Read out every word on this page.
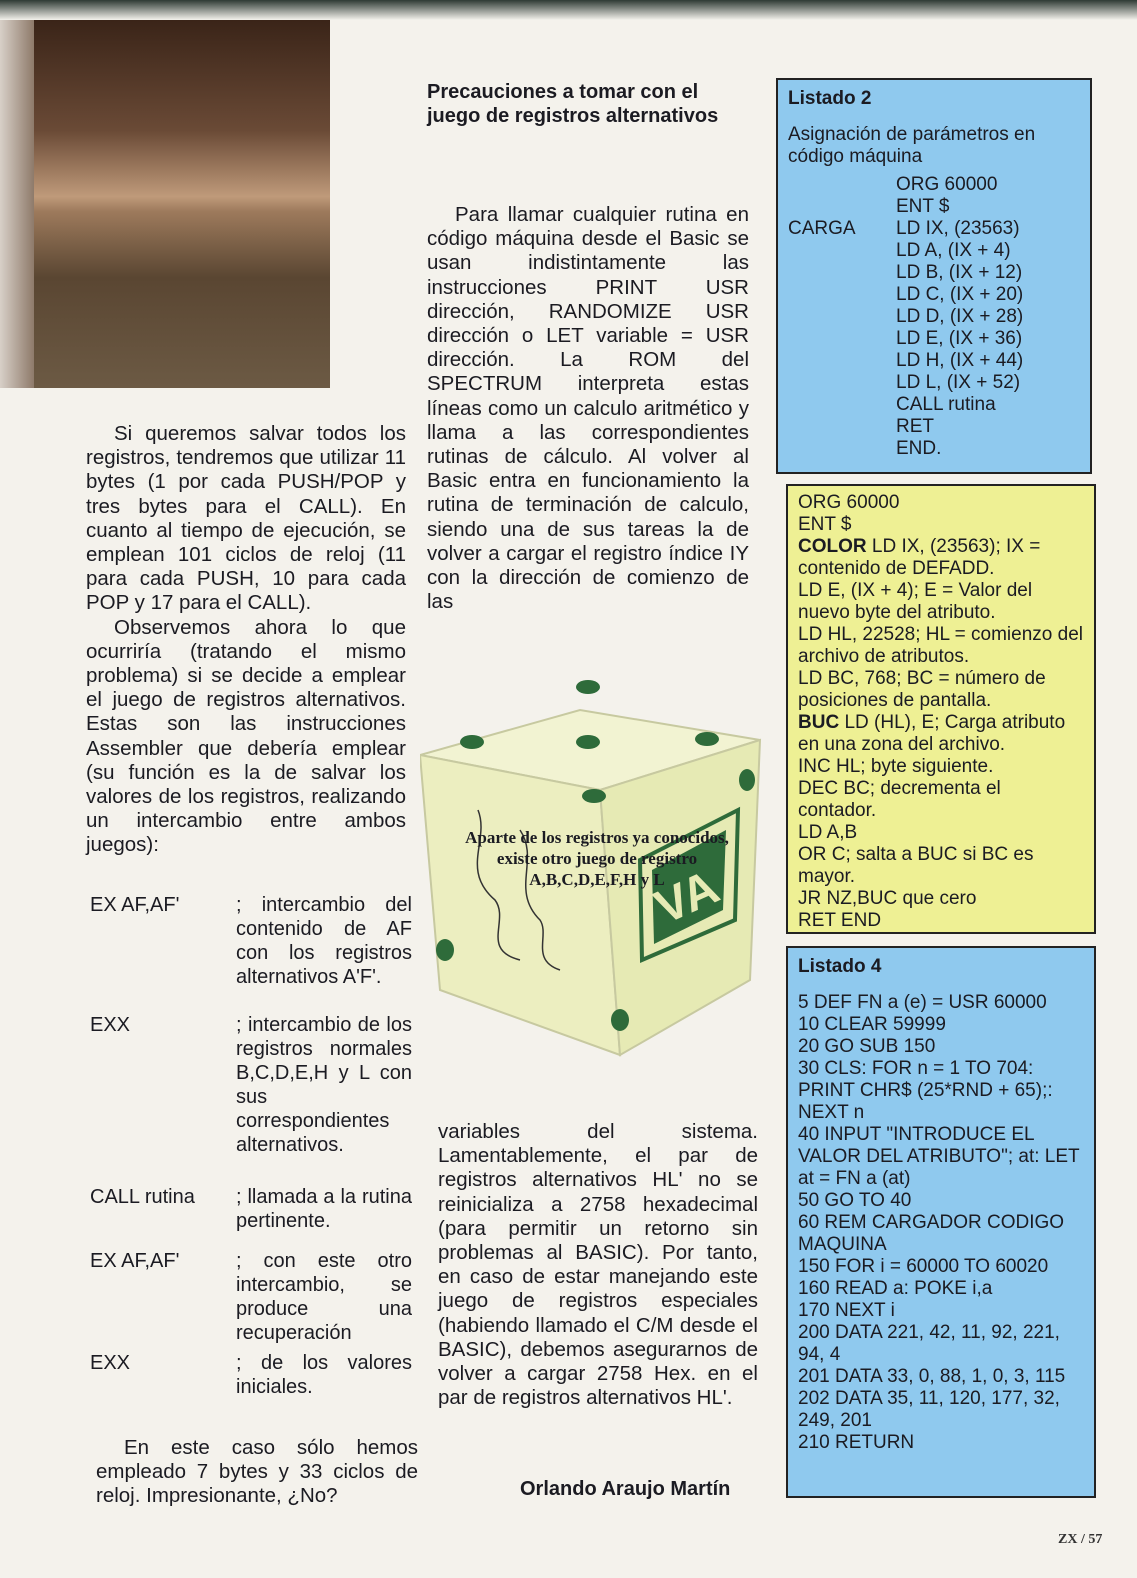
Si queremos salvar todos los registros, tendremos que utilizar 11 bytes (1 por cada PUSH/POP y tres bytes para el CALL). En cuanto al tiempo de ejecución, se emplean 101 ciclos de reloj (11 para cada PUSH, 10 para cada POP y 17 para el CALL).

Observemos ahora lo que ocurriría (tratando el mismo problema) si se decide a emplear el juego de registros alternativos. Estas son las instrucciones Assembler que debería emplear (su función es la de salvar los valores de los registros, realizando un intercambio entre ambos juegos):

EX AF,AF'	; intercambio del contenido de AF con los registros alternativos A'F'.
EXX	; intercambio de los registros normales B,C,D,E,H y L con sus correspondientes alternativos.
CALL rutina	; llamada a la rutina pertinente.
EX AF,AF'	; con este otro intercambio, se produce una recuperación
EXX	; de los valores iniciales.

En este caso sólo hemos empleado 7 bytes y 33 ciclos de reloj. Impresionante, ¿No?

Precauciones a tomar con el juego de registros alternativos

Para llamar cualquier rutina en código máquina desde el Basic se usan indistintamente las instrucciones PRINT USR dirección, RANDOMIZE USR dirección o LET variable = USR dirección. La ROM del SPECTRUM interpreta estas líneas como un calculo aritmético y llama a las correspondientes rutinas de cálculo. Al volver al Basic entra en funcionamiento la rutina de terminación de calculo, siendo una de sus tareas la de volver a cargar el registro índice IY con la dirección de comienzo de las

VA
Aparte de los registros ya conocidos, existe otro juego de registro A,B,C,D,E,F,H y L

variables del sistema. Lamentablemente, el par de registros alternativos HL' no se reinicializa a 2758 hexadecimal (para permitir un retorno sin problemas al BASIC). Por tanto, en caso de estar manejando este juego de registros especiales (habiendo llamado el C/M desde el BASIC), debemos asegurarnos de volver a cargar 2758 Hex. en el par de registros alternativos HL'.

Orlando Araujo Martín
Listado 2
Asignación de parámetros en código máquina
ORG 60000
ENT $
CARGA	LD IX, (23563)
LD A, (IX + 4)
LD B, (IX + 12)
LD C, (IX + 20)
LD D, (IX + 28)
LD E, (IX + 36)
LD H, (IX + 44)
LD L, (IX + 52)
CALL rutina
RET
END.
ORG 60000
ENT $
COLOR LD IX, (23563); IX = contenido de DEFADD.
LD E, (IX + 4); E = Valor del nuevo byte del atributo.
LD HL, 22528; HL = comienzo del archivo de atributos.
LD BC, 768; BC = número de posiciones de pantalla.
BUC LD (HL), E; Carga atributo en una zona del archivo.
INC HL; byte siguiente.
DEC BC; decrementa el contador.
LD A,B
OR C; salta a BUC si BC es mayor.
JR NZ,BUC que cero
RET END
Listado 4
5 DEF FN a (e) = USR 60000
10 CLEAR 59999
20 GO SUB 150
30 CLS: FOR n = 1 TO 704: PRINT CHR$ (25*RND + 65);: NEXT n
40 INPUT "INTRODUCE EL VALOR DEL ATRIBUTO"; at: LET at = FN a (at)
50 GO TO 40
60 REM CARGADOR CODIGO MAQUINA
150 FOR i = 60000 TO 60020
160 READ a: POKE i,a
170 NEXT i
200 DATA 221, 42, 11, 92, 221, 94, 4
201 DATA 33, 0, 88, 1, 0, 3, 115
202 DATA 35, 11, 120, 177, 32, 249, 201
210 RETURN
ZX / 57
